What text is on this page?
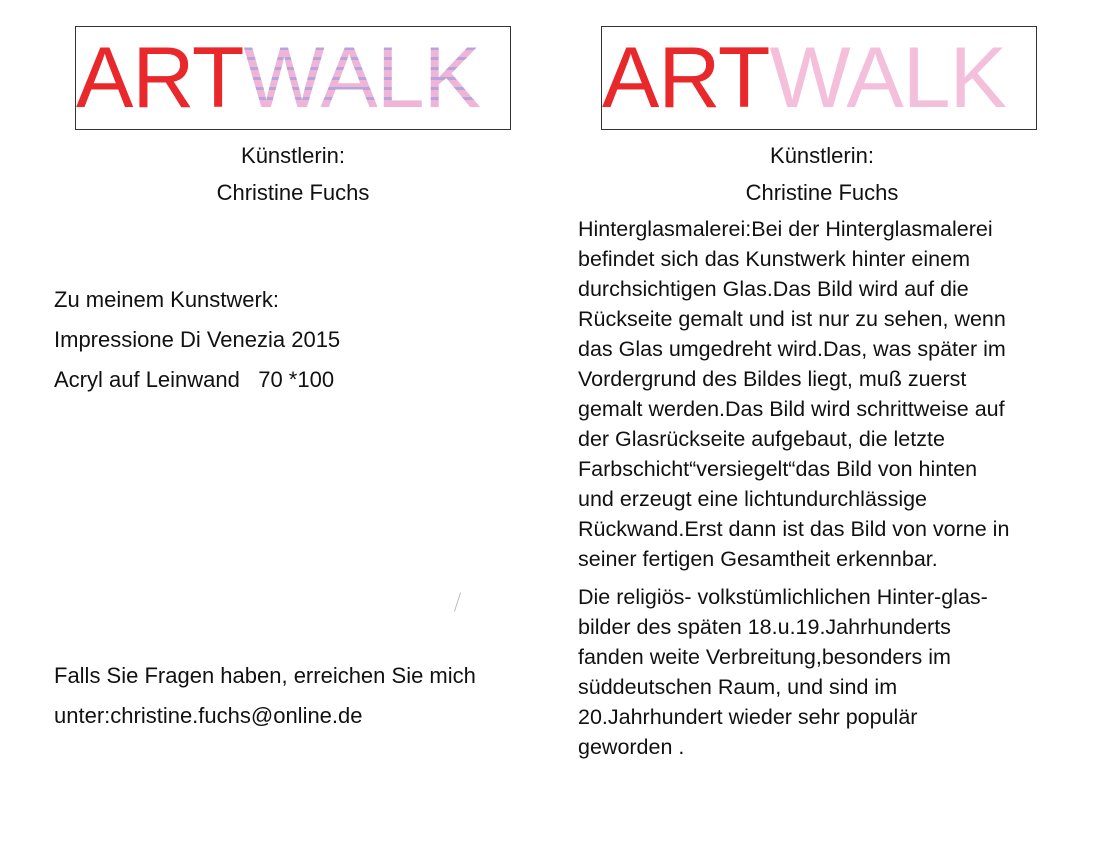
ARTWALK
Künstlerin:
Christine Fuchs
Zu meinem Kunstwerk:
Impressione Di Venezia 2015
Acryl auf Leinwand   70 *100
Falls Sie Fragen haben, erreichen Sie mich
unter:christine.fuchs@online.de
ARTWALK
Künstlerin:
Christine Fuchs

Hinterglasmalerei:Bei der Hinterglasmalerei
befindet sich das Kunstwerk hinter einem
durchsichtigen Glas.Das Bild wird auf die
Rückseite gemalt und ist nur zu sehen, wenn
das Glas umgedreht wird.Das, was später im
Vordergrund des Bildes liegt, muß zuerst
gemalt werden.Das Bild wird schrittweise auf
der Glasrückseite aufgebaut, die letzte
Farbschicht“versiegelt“das Bild von hinten
und erzeugt eine lichtundurchlässige
Rückwand.Erst dann ist das Bild von vorne in
seiner fertigen Gesamtheit erkennbar.

Die religiös- volkstümlichlichen Hinter-glas-
bilder des späten 18.u.19.Jahrhunderts
fanden weite Verbreitung,besonders im
süddeutschen Raum, und sind im
20.Jahrhundert wieder sehr populär
geworden .
